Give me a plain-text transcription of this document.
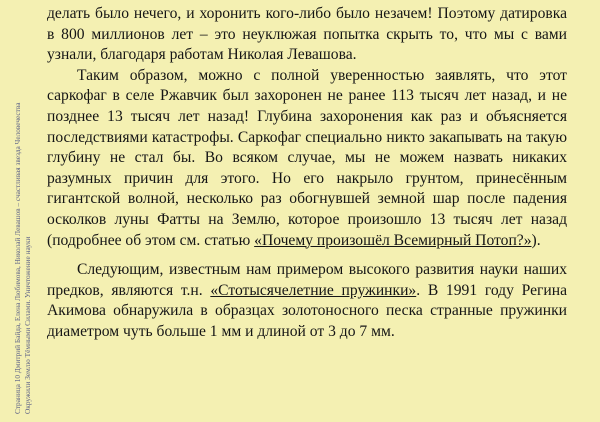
Страница 10 Дмитрий Байда, Елена Любимова, Николай Левашов – счастливая звезда Человечества Окружили Землю Тёмными Силами. Уничтожение науки

делать было нечего, и хоронить кого-либо было незачем! Поэтому датировка в 800 миллионов лет – это неуклюжая попытка скрыть то, что мы с вами узнали, благодаря работам Николая Левашова.

Таким образом, можно с полной уверенностью заявлять, что этот саркофаг в селе Ржавчик был захоронен не ранее 113 тысяч лет назад, и не позднее 13 тысяч лет назад! Глубина захоронения как раз и объясняется последствиями катастрофы. Саркофаг специально никто закапывать на такую глубину не стал бы. Во всяком случае, мы не можем назвать никаких разумных причин для этого. Но его накрыло грунтом, принесённым гигантской волной, несколько раз обогнувшей земной шар после падения осколков луны Фатты на Землю, которое произошло 13 тысяч лет назад (подробнее об этом см. статью «Почему произошёл Всемирный Потоп?»).

Следующим, известным нам примером высокого развития науки наших предков, являются т.н. «Стотысячелетние пружинки». В 1991 году Регина Акимова обнаружила в образцах золотоносного песка странные пружинки диаметром чуть больше 1 мм и длиной от 3 до 7 мм.
